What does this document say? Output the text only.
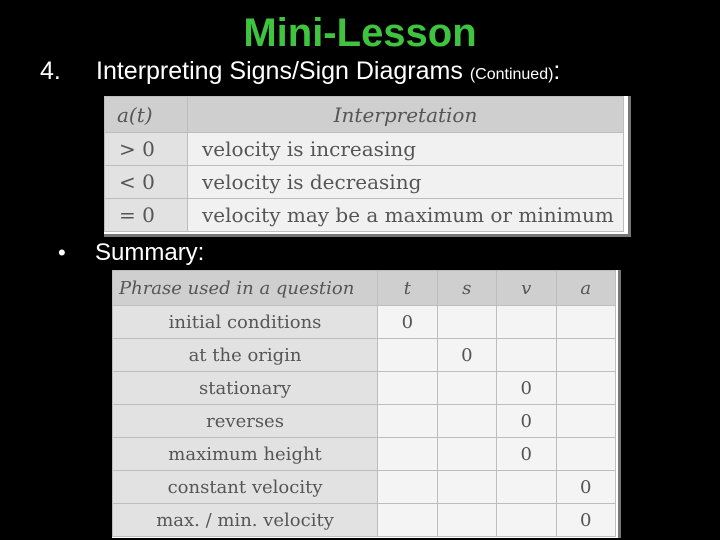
Mini-Lesson
4. Interpreting Signs/Sign Diagrams (Continued):
a(t)	Interpretation
> 0	velocity is increasing
< 0	velocity is decreasing
= 0	velocity may be a maximum or minimum
• Summary:
Phrase used in a question	t	s	v	a
initial conditions	0			
at the origin		0		
stationary			0	
reverses			0	
maximum height			0	
constant velocity				0
max. / min. velocity				0
